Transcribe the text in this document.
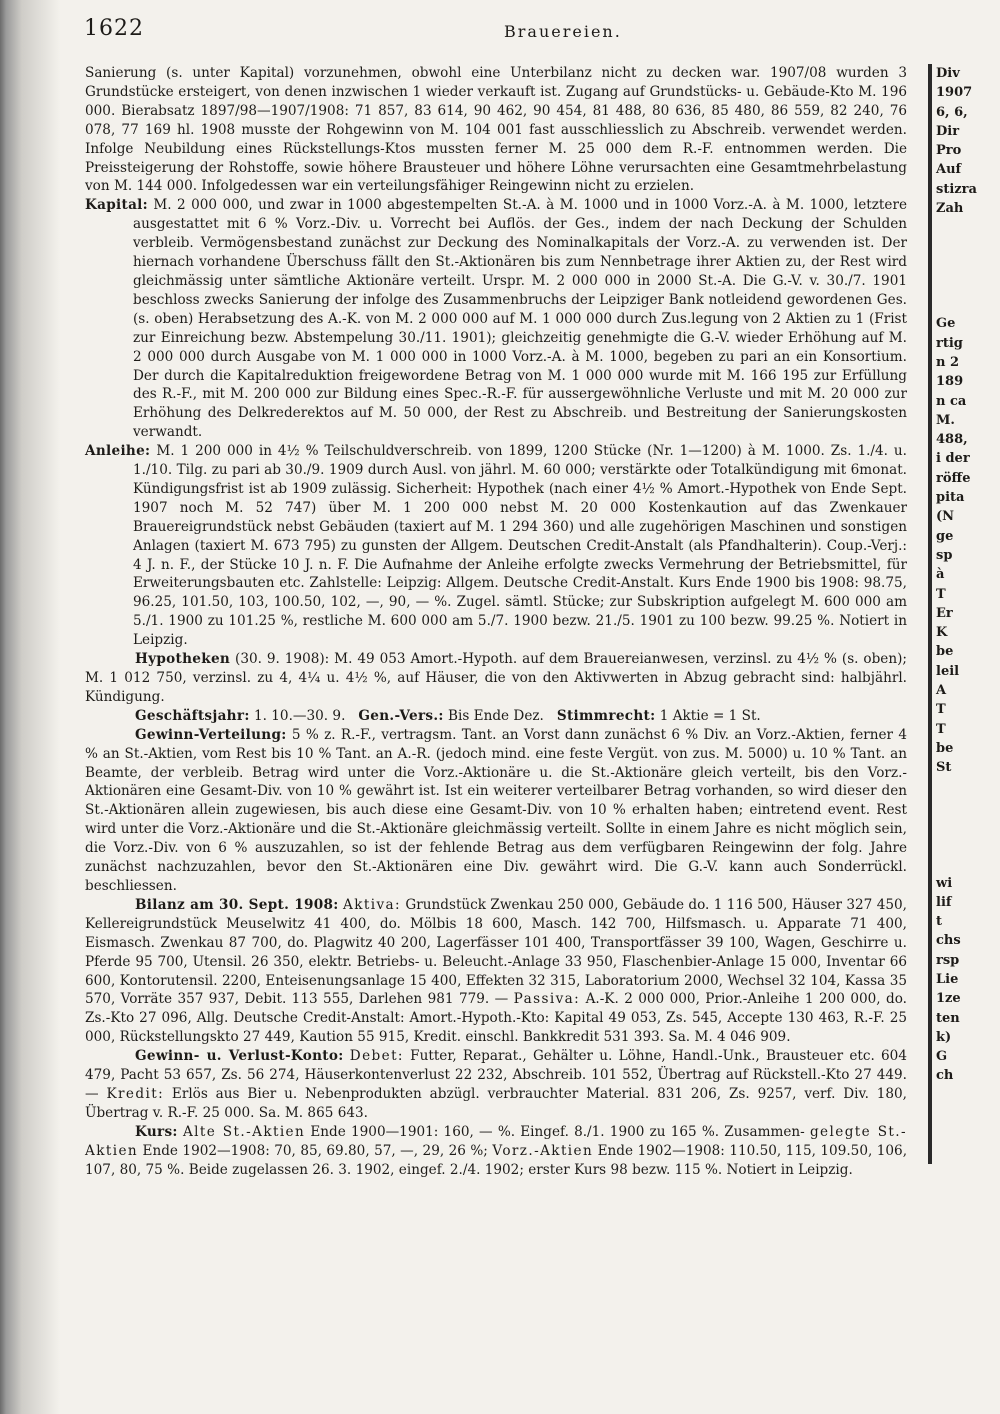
1622	Brauereien.

Sanierung (s. unter Kapital) vorzunehmen, obwohl eine Unterbilanz nicht zu decken war. 1907/08 wurden 3 Grundstücke ersteigert, von denen inzwischen 1 wieder verkauft ist. Zugang auf Grundstücks- u. Gebäude-Kto M. 196 000. Bierabsatz 1897/98—1907/1908: 71 857, 83 614, 90 462, 90 454, 81 488, 80 636, 85 480, 86 559, 82 240, 76 078, 77 169 hl. 1908 musste der Rohgewinn von M. 104 001 fast ausschliesslich zu Abschreib. verwendet werden. Infolge Neubildung eines Rückstellungs-Ktos mussten ferner M. 25 000 dem R.-F. entnommen werden. Die Preissteigerung der Rohstoffe, sowie höhere Brausteuer und höhere Löhne verursachten eine Gesamtmehrbelastung von M. 144 000. Infolgedessen war ein verteilungsfähiger Reingewinn nicht zu erzielen.

Kapital: M. 2 000 000, und zwar in 1000 abgestempelten St.-A. à M. 1000 und in 1000 Vorz.-A. à M. 1000, letztere ausgestattet mit 6 % Vorz.-Div. u. Vorrecht bei Auflös. der Ges., indem der nach Deckung der Schulden verbleib. Vermögensbestand zunächst zur Deckung des Nominalkapitals der Vorz.-A. zu verwenden ist. Der hiernach vorhandene Überschuss fällt den St.-Aktionären bis zum Nennbetrage ihrer Aktien zu, der Rest wird gleichmässig unter sämtliche Aktionäre verteilt. Urspr. M. 2 000 000 in 2000 St.-A. Die G.-V. v. 30./7. 1901 beschloss zwecks Sanierung der infolge des Zusammenbruchs der Leipziger Bank notleidend gewordenen Ges. (s. oben) Herabsetzung des A.-K. von M. 2 000 000 auf M. 1 000 000 durch Zus.legung von 2 Aktien zu 1 (Frist zur Einreichung bezw. Abstempelung 30./11. 1901); gleichzeitig genehmigte die G.-V. wieder Erhöhung auf M. 2 000 000 durch Ausgabe von M. 1 000 000 in 1000 Vorz.-A. à M. 1000, begeben zu pari an ein Konsortium. Der durch die Kapitalreduktion freigewordene Betrag von M. 1 000 000 wurde mit M. 166 195 zur Erfüllung des R.-F., mit M. 200 000 zur Bildung eines Spec.-R.-F. für aussergewöhnliche Verluste und mit M. 20 000 zur Erhöhung des Delkrederektos auf M. 50 000, der Rest zu Abschreib. und Bestreitung der Sanierungskosten verwandt.

Anleihe: M. 1 200 000 in 4½ % Teilschuldverschreib. von 1899, 1200 Stücke (Nr. 1—1200) à M. 1000. Zs. 1./4. u. 1./10. Tilg. zu pari ab 30./9. 1909 durch Ausl. von jährl. M. 60 000; verstärkte oder Totalkündigung mit 6monat. Kündigungsfrist ist ab 1909 zulässig. Sicherheit: Hypothek (nach einer 4½ % Amort.-Hypothek von Ende Sept. 1907 noch M. 52 747) über M. 1 200 000 nebst M. 20 000 Kostenkaution auf das Zwenkauer Brauereigrundstück nebst Gebäuden (taxiert auf M. 1 294 360) und alle zugehörigen Maschinen und sonstigen Anlagen (taxiert M. 673 795) zu gunsten der Allgem. Deutschen Credit-Anstalt (als Pfandhalterin). Coup.-Verj.: 4 J. n. F., der Stücke 10 J. n. F. Die Aufnahme der Anleihe erfolgte zwecks Vermehrung der Betriebsmittel, für Erweiterungsbauten etc. Zahlstelle: Leipzig: Allgem. Deutsche Credit-Anstalt. Kurs Ende 1900 bis 1908: 98.75, 96.25, 101.50, 103, 100.50, 102, —, 90, — %. Zugel. sämtl. Stücke; zur Subskription aufgelegt M. 600 000 am 5./1. 1900 zu 101.25 %, restliche M. 600 000 am 5./7. 1900 bezw. 21./5. 1901 zu 100 bezw. 99.25 %. Notiert in Leipzig.

Hypotheken (30. 9. 1908): M. 49 053 Amort.-Hypoth. auf dem Brauereianwesen, verzinsl. zu 4½ % (s. oben); M. 1 012 750, verzinsl. zu 4, 4¼ u. 4½ %, auf Häuser, die von den Aktivwerten in Abzug gebracht sind: halbjährl. Kündigung.

Geschäftsjahr: 1. 10.—30. 9. Gen.-Vers.: Bis Ende Dez. Stimmrecht: 1 Aktie = 1 St.

Gewinn-Verteilung: 5 % z. R.-F., vertragsm. Tant. an Vorst dann zunächst 6 % Div. an Vorz.-Aktien, ferner 4 % an St.-Aktien, vom Rest bis 10 % Tant. an A.-R. (jedoch mind. eine feste Vergüt. von zus. M. 5000) u. 10 % Tant. an Beamte, der verbleib. Betrag wird unter die Vorz.-Aktionäre u. die St.-Aktionäre gleich verteilt, bis den Vorz.-Aktionären eine Gesamt-Div. von 10 % gewährt ist. Ist ein weiterer verteilbarer Betrag vorhanden, so wird dieser den St.-Aktionären allein zugewiesen, bis auch diese eine Gesamt-Div. von 10 % erhalten haben; eintretend event. Rest wird unter die Vorz.-Aktionäre und die St.-Aktionäre gleichmässig verteilt. Sollte in einem Jahre es nicht möglich sein, die Vorz.-Div. von 6 % auszuzahlen, so ist der fehlende Betrag aus dem verfügbaren Reingewinn der folg. Jahre zunächst nachzuzahlen, bevor den St.-Aktionären eine Div. gewährt wird. Die G.-V. kann auch Sonderrückl. beschliessen.

Bilanz am 30. Sept. 1908: Aktiva: Grundstück Zwenkau 250 000, Gebäude do. 1 116 500, Häuser 327 450, Kellereigrundstück Meuselwitz 41 400, do. Mölbis 18 600, Masch. 142 700, Hilfsmasch. u. Apparate 71 400, Eismasch. Zwenkau 87 700, do. Plagwitz 40 200, Lagerfässer 101 400, Transportfässer 39 100, Wagen, Geschirre u. Pferde 95 700, Utensil. 26 350, elektr. Betriebs- u. Beleucht.-Anlage 33 950, Flaschenbier-Anlage 15 000, Inventar 66 600, Kontorutensil. 2200, Enteisenungsanlage 15 400, Effekten 32 315, Laboratorium 2000, Wechsel 32 104, Kassa 35 570, Vorräte 357 937, Debit. 113 555, Darlehen 981 779. — Passiva: A.-K. 2 000 000, Prior.-Anleihe 1 200 000, do. Zs.-Kto 27 096, Allg. Deutsche Credit-Anstalt: Amort.-Hypoth.-Kto: Kapital 49 053, Zs. 545, Accepte 130 463, R.-F. 25 000, Rückstellungskto 27 449, Kaution 55 915, Kredit. einschl. Bankkredit 531 393. Sa. M. 4 046 909.

Gewinn- u. Verlust-Konto: Debet: Futter, Reparat., Gehälter u. Löhne, Handl.-Unk., Brausteuer etc. 604 479, Pacht 53 657, Zs. 56 274, Häuserkontenverlust 22 232, Abschreib. 101 552, Übertrag auf Rückstell.-Kto 27 449. — Kredit: Erlös aus Bier u. Nebenprodukten abzügl. verbrauchter Material. 831 206, Zs. 9257, verf. Div. 180, Übertrag v. R.-F. 25 000. Sa. M. 865 643.

Kurs: Alte St.-Aktien Ende 1900—1901: 160, — %. Eingef. 8./1. 1900 zu 165 %. Zusammen- gelegte St.-Aktien Ende 1902—1908: 70, 85, 69.80, 57, —, 29, 26 %; Vorz.-Aktien Ende 1902—1908: 110.50, 115, 109.50, 106, 107, 80, 75 %. Beide zugelassen 26. 3. 1902, eingef. 2./4. 1902; erster Kurs 98 bezw. 115 %. Notiert in Leipzig.

Div
1907
6, 6,
Dir
Pro
Auf
stizra
Zah
Ge
rtig
n 2
189
n ca
M.
488,
i der
röffe
pita
(N
ge
sp
à
T
Er
K
be
leil
A
T
T
be
St
wi
lif
t
chs
rsp
Lie
1ze
ten
k)
G
ch
